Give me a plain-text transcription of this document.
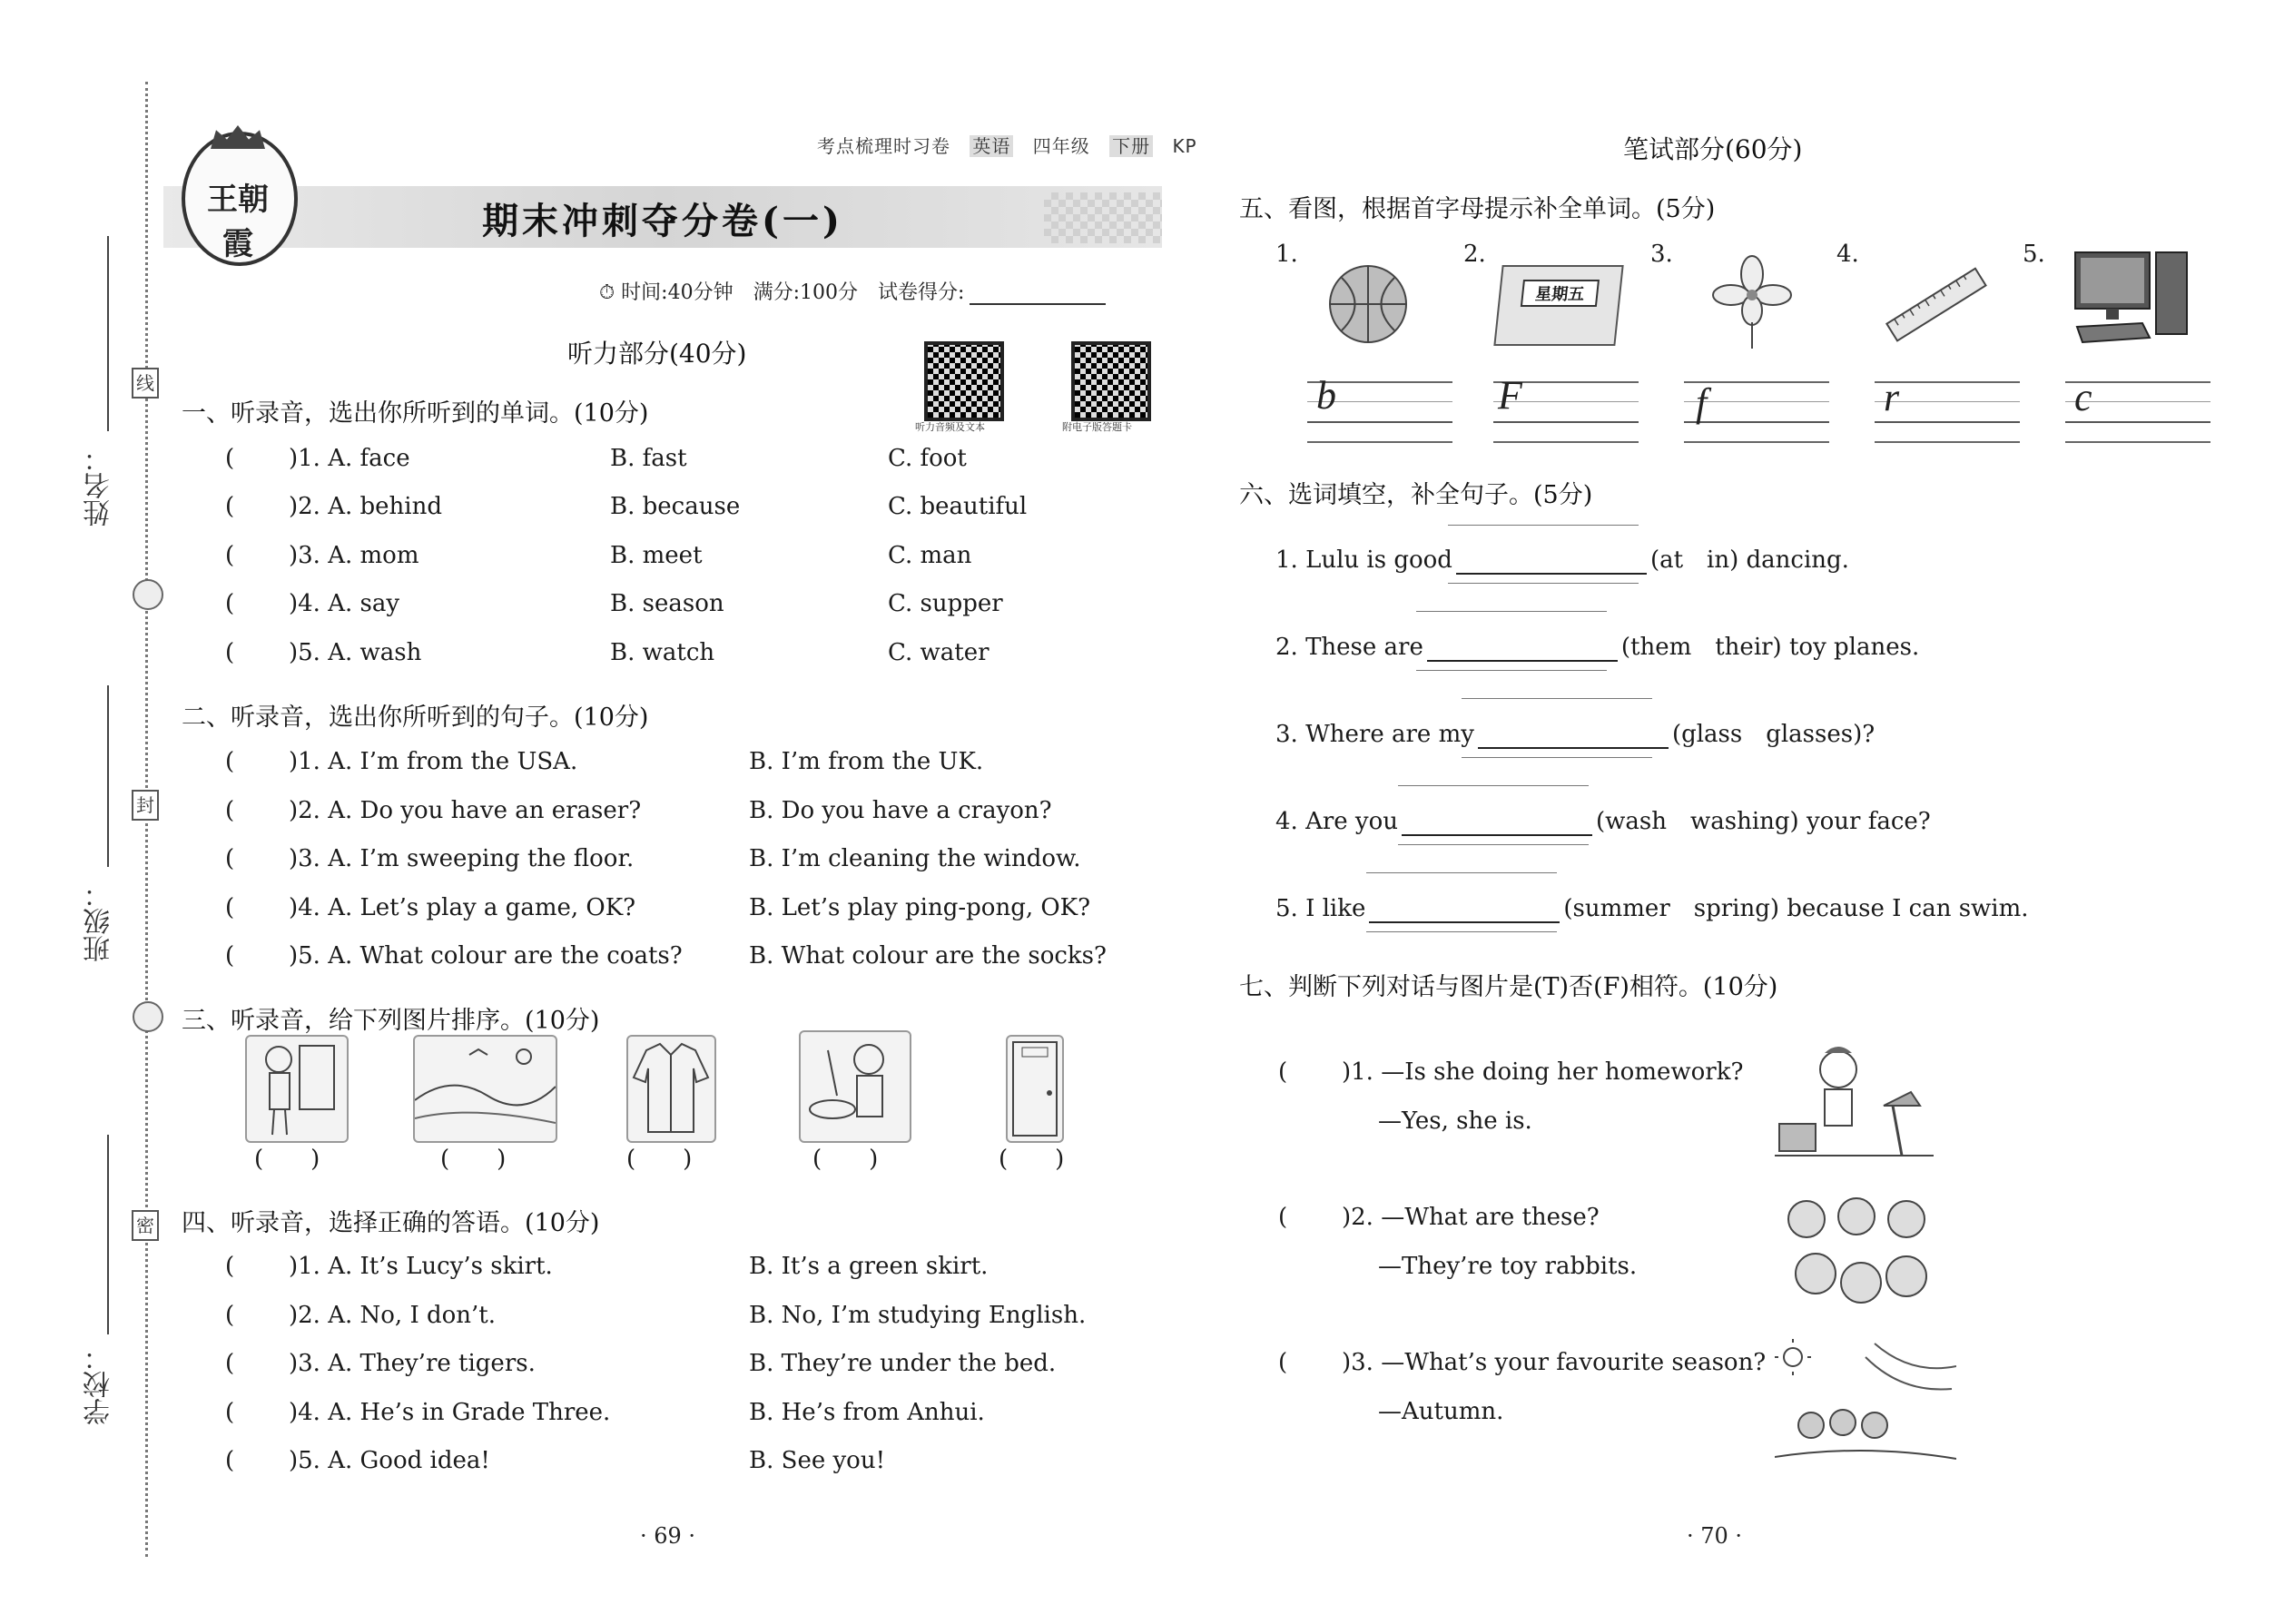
姓名：
班级：
学校：
线
封
密
期末冲刺夺分卷(一)
王朝霞
考点梳理时习卷 英语 四年级 下册 KP
⏱ 时间:40分钟　满分:100分　试卷得分:
听力部分(40分)
听力音频及文本	附电子版答题卡
一、听录音，选出你所听到的单词。(10分)
( )1. A. face	B. fast	C. foot
( )2. A. behind	B. because	C. beautiful
( )3. A. mom	B. meet	C. man
( )4. A. say	B. season	C. supper
( )5. A. wash	B. watch	C. water
二、听录音，选出你所听到的句子。(10分)
( )1. A. I’m from the USA.	B. I’m from the UK.
( )2. A. Do you have an eraser?	B. Do you have a crayon?
( )3. A. I’m sweeping the floor.	B. I’m cleaning the window.
( )4. A. Let’s play a game, OK?	B. Let’s play ping-pong, OK?
( )5. A. What colour are the coats?	B. What colour are the socks?
三、听录音，给下列图片排序。(10分)
(　　)	(　　)	(　　)	(　　)	(　　)
四、听录音，选择正确的答语。(10分)
( )1. A. It’s Lucy’s skirt.	B. It’s a green skirt.
( )2. A. No, I don’t.	B. No, I’m studying English.
( )3. A. They’re tigers.	B. They’re under the bed.
( )4. A. He’s in Grade Three.	B. He’s from Anhui.
( )5. A. Good idea!	B. See you!
· 69 ·
笔试部分(60分)
五、看图，根据首字母提示补全单词。(5分)
1.	2.	3.	4.	5.
星期五
b	F	f	r	c
六、选词填空，补全句子。(5分)
1. Lulu is good	(at　in) dancing.
2. These are	(them　their) toy planes.
3. Where are my	(glass　glasses)?
4. Are you	(wash　washing) your face?
5. I like	(summer　spring) because I can swim.
七、判断下列对话与图片是(T)否(F)相符。(10分)
( )1. —Is she doing her homework?
—Yes, she is.
( )2. —What are these?
—They’re toy rabbits.
( )3. —What’s your favourite season?
—Autumn.
· 70 ·
